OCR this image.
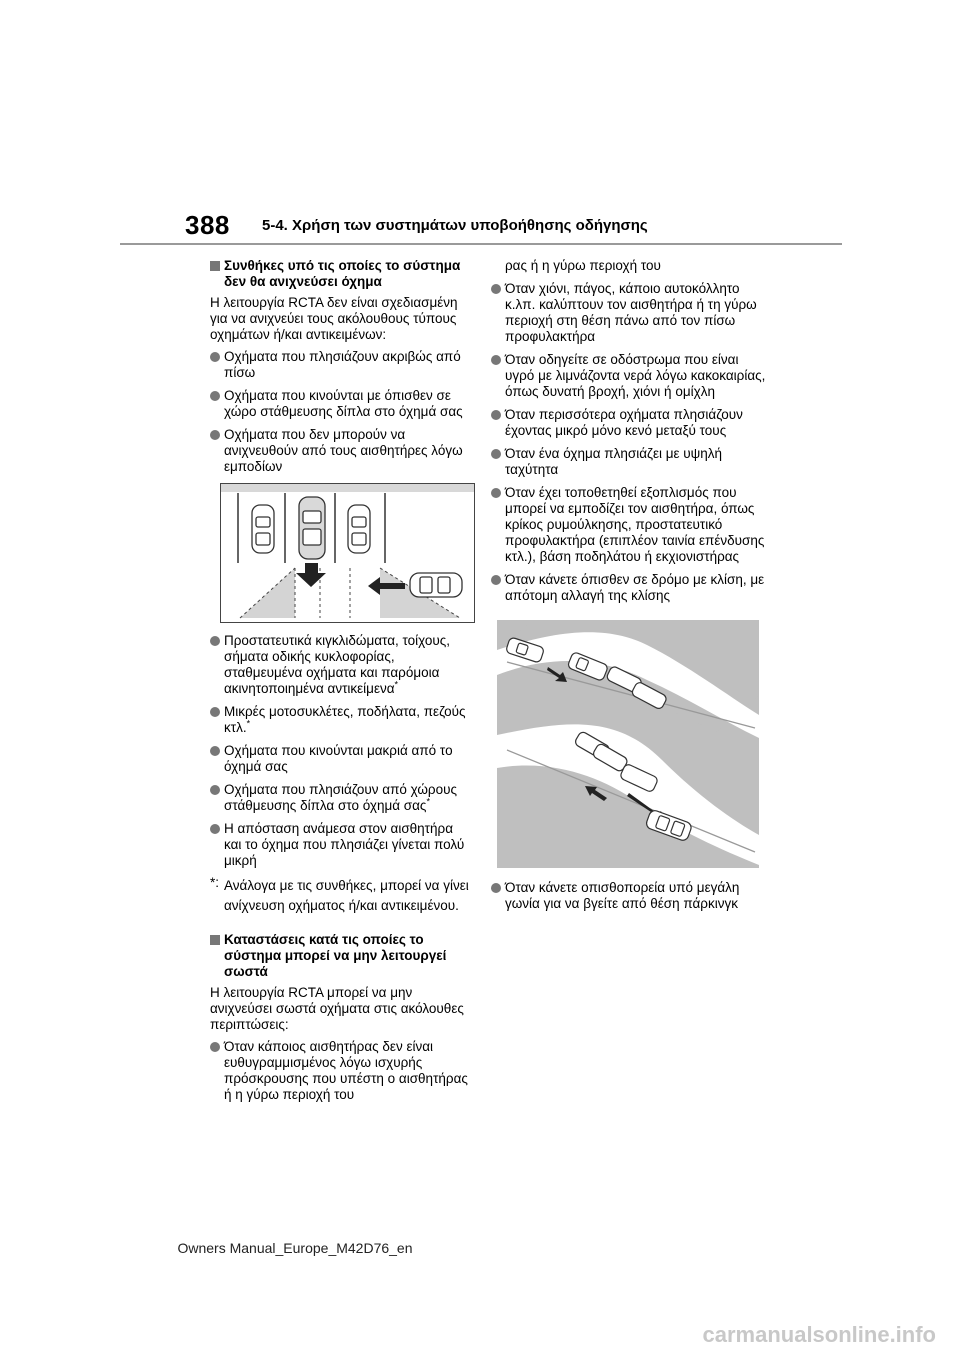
388 5-4. Χρήση των συστημάτων υποβοήθησης οδήγησης
Συνθήκες υπό τις οποίες το σύστημα δεν θα ανιχνεύσει όχημα
Η λειτουργία RCTA δεν είναι σχεδιασμένη για να ανιχνεύει τους ακόλουθους τύπους οχημάτων ή/και αντικειμένων:
Οχήματα που πλησιάζουν ακριβώς από πίσω
Οχήματα που κινούνται με όπισθεν σε χώρο στάθμευσης δίπλα στο όχημά σας
Οχήματα που δεν μπορούν να ανιχνευθούν από τους αισθητήρες λόγω εμποδίων
Προστατευτικά κιγκλιδώματα, τοίχους, σήματα οδικής κυκλοφορίας, σταθμευμένα οχήματα και παρόμοια ακινητοποιημένα αντικείμενα*
Μικρές μοτοσυκλέτες, ποδήλατα, πεζούς κτλ.*
Οχήματα που κινούνται μακριά από το όχημά σας
Οχήματα που πλησιάζουν από χώρους στάθμευσης δίπλα στο όχημά σας*
Η απόσταση ανάμεσα στον αισθητήρα και το όχημα που πλησιάζει γίνεται πολύ μικρή
*: Ανάλογα με τις συνθήκες, μπορεί να γίνει ανίχνευση οχήματος ή/και αντικειμένου.
Καταστάσεις κατά τις οποίες το σύστημα μπορεί να μην λειτουργεί σωστά
Η λειτουργία RCTA μπορεί να μην ανιχνεύσει σωστά οχήματα στις ακόλουθες περιπτώσεις:
Όταν κάποιος αισθητήρας δεν είναι ευθυγραμμισμένος λόγω ισχυρής πρόσκρουσης που υπέστη ο αισθητήρας ή η γύρω περιοχή του
ρας ή η γύρω περιοχή του
Όταν χιόνι, πάγος, κάποιο αυτοκόλλητο κ.λπ. καλύπτουν τον αισθητήρα ή τη γύρω περιοχή στη θέση πάνω από τον πίσω προφυλακτήρα
Όταν οδηγείτε σε οδόστρωμα που είναι υγρό με λιμνάζοντα νερά λόγω κακοκαιρίας, όπως δυνατή βροχή, χιόνι ή ομίχλη
Όταν περισσότερα οχήματα πλησιάζουν έχοντας μικρό μόνο κενό μεταξύ τους
Όταν ένα όχημα πλησιάζει με υψηλή ταχύτητα
Όταν έχει τοποθετηθεί εξοπλισμός που μπορεί να εμποδίζει τον αισθητήρα, όπως κρίκος ρυμούλκησης, προστατευτικό προφυλακτήρα (επιπλέον ταινία επένδυσης κτλ.), βάση ποδηλάτου ή εκχιονιστήρας
Όταν κάνετε όπισθεν σε δρόμο με κλίση, με απότομη αλλαγή της κλίσης
Όταν κάνετε οπισθοπορεία υπό μεγάλη γωνία για να βγείτε από θέση πάρκινγκ
Owners Manual_Europe_M42D76_en
carmanualsonline.info
